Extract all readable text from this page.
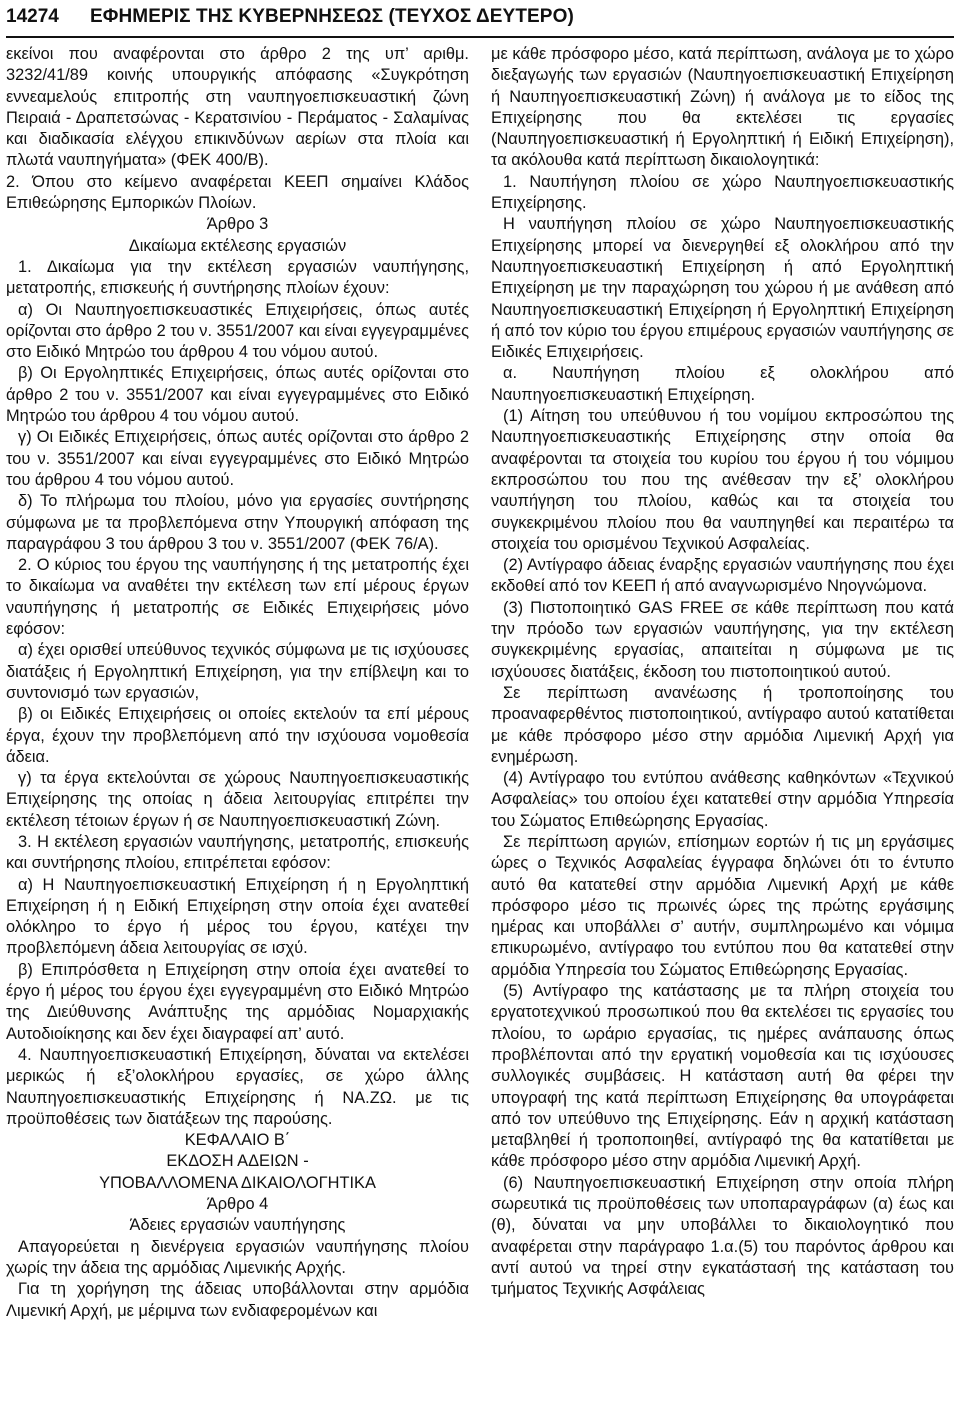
14274 ΕΦΗΜΕΡΙΣ ΤΗΣ ΚΥΒΕΡΝΗΣΕΩΣ (ΤΕΥΧΟΣ ΔΕΥΤΕΡΟ)

εκείνοι που αναφέρονται στο άρθρο 2 της υπ’ αριθμ. 3232/41/89 κοινής υπουργικής απόφασης «Συγκρότηση εννεαμελούς επιτροπής στη ναυπηγοεπισκευαστική ζώνη Πειραιά - Δραπετσώνας - Κερατσινίου - Περάματος - Σαλαμίνας και διαδικασία ελέγχου επικινδύνων αερίων στα πλοία και πλωτά ναυπηγήματα» (ΦΕΚ 400/Β).

2. Όπου στο κείμενο αναφέρεται ΚΕΕΠ σημαίνει Κλάδος Επιθεώρησης Εμπορικών Πλοίων.

Άρθρο 3

Δικαίωμα εκτέλεσης εργασιών

1. Δικαίωμα για την εκτέλεση εργασιών ναυπήγησης, μετατροπής, επισκευής ή συντήρησης πλοίων έχουν:

α) Οι Ναυπηγοεπισκευαστικές Επιχειρήσεις, όπως αυτές ορίζονται στο άρθρο 2 του ν. 3551/2007 και είναι εγγεγραμμένες στο Ειδικό Μητρώο του άρθρου 4 του νόμου αυτού.

β) Οι Εργοληπτικές Επιχειρήσεις, όπως αυτές ορίζονται στο άρθρο 2 του ν. 3551/2007 και είναι εγγεγραμμένες στο Ειδικό Μητρώο του άρθρου 4 του νόμου αυτού.

γ) Οι Ειδικές Επιχειρήσεις, όπως αυτές ορίζονται στο άρθρο 2 του ν. 3551/2007 και είναι εγγεγραμμένες στο Ειδικό Μητρώο του άρθρου 4 του νόμου αυτού.

δ) Το πλήρωμα του πλοίου, μόνο για εργασίες συντήρησης σύμφωνα με τα προβλεπόμενα στην Υπουργική απόφαση της παραγράφου 3 του άρθρου 3 του ν. 3551/2007 (ΦΕΚ 76/Α).

2. Ο κύριος του έργου της ναυπήγησης ή της μετατροπής έχει το δικαίωμα να αναθέτει την εκτέλεση των επί μέρους έργων ναυπήγησης ή μετατροπής σε Ειδικές Επιχειρήσεις μόνο εφόσον:

α) έχει ορισθεί υπεύθυνος τεχνικός σύμφωνα με τις ισχύουσες διατάξεις ή Εργοληπτική Επιχείρηση, για την επίβλεψη και το συντονισμό των εργασιών,

β) οι Ειδικές Επιχειρήσεις οι οποίες εκτελούν τα επί μέρους έργα, έχουν την προβλεπόμενη από την ισχύουσα νομοθεσία άδεια.

γ) τα έργα εκτελούνται σε χώρους Ναυπηγοεπισκευαστικής Επιχείρησης της οποίας η άδεια λειτουργίας επιτρέπει την εκτέλεση τέτοιων έργων ή σε Ναυπηγοεπισκευαστική Ζώνη.

3. Η εκτέλεση εργασιών ναυπήγησης, μετατροπής, επισκευής και συντήρησης πλοίου, επιτρέπεται εφόσον:

α) Η Ναυπηγοεπισκευαστική Επιχείρηση ή η Εργοληπτική Επιχείρηση ή η Ειδική Επιχείρηση στην οποία έχει ανατεθεί ολόκληρο το έργο ή μέρος του έργου, κατέχει την προβλεπόμενη άδεια λειτουργίας σε ισχύ.

β) Επιπρόσθετα η Επιχείρηση στην οποία έχει ανατεθεί το έργο ή μέρος του έργου έχει εγγεγραμμένη στο Ειδικό Μητρώο της Διεύθυνσης Ανάπτυξης της αρμόδιας Νομαρχιακής Αυτοδιοίκησης και δεν έχει διαγραφεί απ’ αυτό.

4. Ναυπηγοεπισκευαστική Επιχείρηση, δύναται να εκτελέσει μερικώς ή εξ’ολοκλήρου εργασίες, σε χώρο άλλης Ναυπηγοεπισκευαστικής Επιχείρησης ή ΝΑ.ΖΩ. με τις προϋποθέσεις των διατάξεων της παρούσης.

ΚΕΦΑΛΑΙΟ Β΄

ΕΚΔΟΣΗ ΑΔΕΙΩΝ -

ΥΠΟΒΑΛΛΟΜΕΝΑ ΔΙΚΑΙΟΛΟΓΗΤΙΚΑ

Άρθρο 4

Άδειες εργασιών ναυπήγησης

Απαγορεύεται η διενέργεια εργασιών ναυπήγησης πλοίου χωρίς την άδεια της αρμόδιας Λιμενικής Αρχής.

Για τη χορήγηση της άδειας υποβάλλονται στην αρμόδια Λιμενική Αρχή, με μέριμνα των ενδιαφερομένων και

με κάθε πρόσφορο μέσο, κατά περίπτωση, ανάλογα με το χώρο διεξαγωγής των εργασιών (Ναυπηγοεπισκευαστική Επιχείρηση ή Ναυπηγοεπισκευαστική Ζώνη) ή ανάλογα με το είδος της Επιχείρησης που θα εκτελέσει τις εργασίες (Ναυπηγοεπισκευαστική ή Εργοληπτική ή Ειδική Επιχείρηση), τα ακόλουθα κατά περίπτωση δικαιολογητικά:

1. Ναυπήγηση πλοίου σε χώρο Ναυπηγοεπισκευαστικής Επιχείρησης.

Η ναυπήγηση πλοίου σε χώρο Ναυπηγοεπισκευαστικής Επιχείρησης μπορεί να διενεργηθεί εξ ολοκλήρου από την Ναυπηγοεπισκευαστική Επιχείρηση ή από Εργοληπτική Επιχείρηση με την παραχώρηση του χώρου ή με ανάθεση από Ναυπηγοεπισκευαστική Επιχείρηση ή Εργοληπτική Επιχείρηση ή από τον κύριο του έργου επιμέρους εργασιών ναυπήγησης σε Ειδικές Επιχειρήσεις.

α. Ναυπήγηση πλοίου εξ ολοκλήρου από Ναυπηγοεπισκευαστική Επιχείρηση.

(1) Αίτηση του υπεύθυνου ή του νομίμου εκπροσώπου της Ναυπηγοεπισκευαστικής Επιχείρησης στην οποία θα αναφέρονται τα στοιχεία του κυρίου του έργου ή του νόμιμου εκπροσώπου του που της ανέθεσαν την εξ’ ολοκλήρου ναυπήγηση του πλοίου, καθώς και τα στοιχεία του συγκεκριμένου πλοίου που θα ναυπηγηθεί και περαιτέρω τα στοιχεία του ορισμένου Τεχνικού Ασφαλείας.

(2) Αντίγραφο άδειας έναρξης εργασιών ναυπήγησης που έχει εκδοθεί από τον ΚΕΕΠ ή από αναγνωρισμένο Νηογνώμονα.

(3) Πιστοποιητικό GAS FREE σε κάθε περίπτωση που κατά την πρόοδο των εργασιών ναυπήγησης, για την εκτέλεση συγκεκριμένης εργασίας, απαιτείται η σύμφωνα με τις ισχύουσες διατάξεις, έκδοση του πιστοποιητικού αυτού.

Σε περίπτωση ανανέωσης ή τροποποίησης του προαναφερθέντος πιστοποιητικού, αντίγραφο αυτού κατατίθεται με κάθε πρόσφορο μέσο στην αρμόδια Λιμενική Αρχή για ενημέρωση.

(4) Αντίγραφο του εντύπου ανάθεσης καθηκόντων «Τεχνικού Ασφαλείας» του οποίου έχει κατατεθεί στην αρμόδια Υπηρεσία του Σώματος Επιθεώρησης Εργασίας.

Σε περίπτωση αργιών, επίσημων εορτών ή τις μη εργάσιμες ώρες ο Τεχνικός Ασφαλείας έγγραφα δηλώνει ότι το έντυπο αυτό θα κατατεθεί στην αρμόδια Λιμενική Αρχή με κάθε πρόσφορο μέσο τις πρωινές ώρες της πρώτης εργάσιμης ημέρας και υποβάλλει σ’ αυτήν, συμπληρωμένο και νόμιμα επικυρωμένο, αντίγραφο του εντύπου που θα κατατεθεί στην αρμόδια Υπηρεσία του Σώματος Επιθεώρησης Εργασίας.

(5) Αντίγραφο της κατάστασης με τα πλήρη στοιχεία του εργατοτεχνικού προσωπικού που θα εκτελέσει τις εργασίες του πλοίου, το ωράριο εργασίας, τις ημέρες ανάπαυσης όπως προβλέπονται από την εργατική νομοθεσία και τις ισχύουσες συλλογικές συμβάσεις. Η κατάσταση αυτή θα φέρει την υπογραφή της κατά περίπτωση Επιχείρησης θα υπογράφεται από τον υπεύθυνο της Επιχείρησης. Εάν η αρχική κατάσταση μεταβληθεί ή τροποποιηθεί, αντίγραφό της θα κατατίθεται με κάθε πρόσφορο μέσο στην αρμόδια Λιμενική Αρχή.

(6) Ναυπηγοεπισκευαστική Επιχείρηση στην οποία πλήρη σωρευτικά τις προϋποθέσεις των υποπαραγράφων (α) έως και (θ), δύναται να μην υποβάλλει το δικαιολογητικό που αναφέρεται στην παράγραφο 1.α.(5) του παρόντος άρθρου και αντί αυτού να τηρεί στην εγκατάστασή της κατάσταση του τμήματος Τεχνικής Ασφάλειας
